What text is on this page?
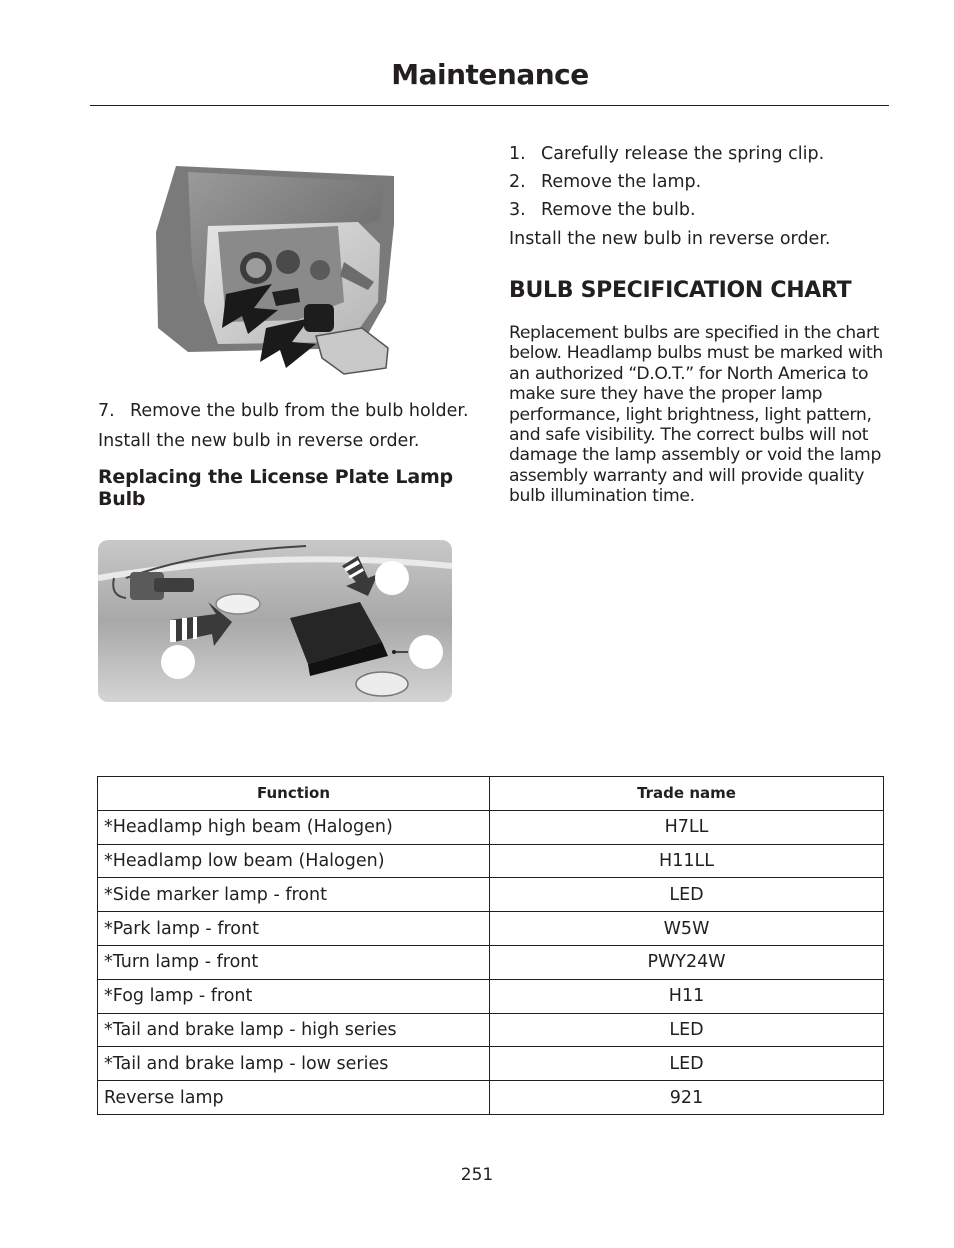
Maintenance
7. Remove the bulb from the bulb holder.
Install the new bulb in reverse order.
Replacing the License Plate Lamp Bulb
1. Carefully release the spring clip.
2. Remove the lamp.
3. Remove the bulb.
Install the new bulb in reverse order.
BULB SPECIFICATION CHART
Replacement bulbs are specified in the chart below. Headlamp bulbs must be marked with an authorized “D.O.T.” for North America to make sure they have the proper lamp performance, light brightness, light pattern, and safe visibility. The correct bulbs will not damage the lamp assembly or void the lamp assembly warranty and will provide quality bulb illumination time.
Function	Trade name
*Headlamp high beam (Halogen)	H7LL
*Headlamp low beam (Halogen)	H11LL
*Side marker lamp - front	LED
*Park lamp - front	W5W
*Turn lamp - front	PWY24W
*Fog lamp - front	H11
*Tail and brake lamp - high series	LED
*Tail and brake lamp - low series	LED
Reverse lamp	921
251
